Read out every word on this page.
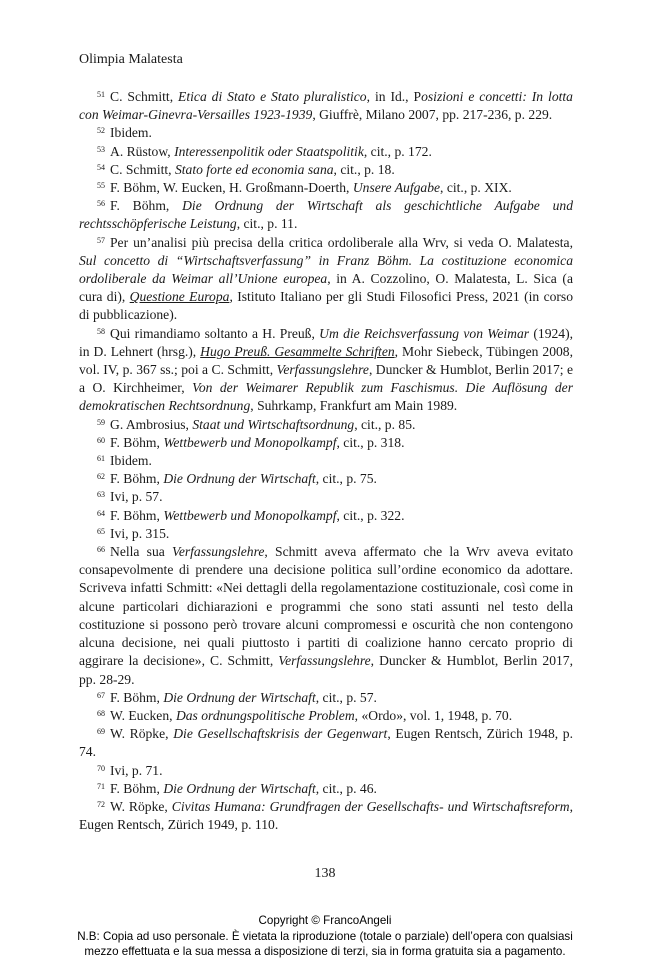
Olimpia Malatesta

$^{51}$ C. Schmitt, Etica di Stato e Stato pluralistico, in Id., Posizioni e concetti: In lotta con Weimar-Ginevra-Versailles 1923-1939, Giuffrè, Milano 2007, pp. 217-236, p. 229.

$^{52}$ Ibidem.

$^{53}$ A. Rüstow, Interessenpolitik oder Staatspolitik, cit., p. 172.

$^{54}$ C. Schmitt, Stato forte ed economia sana, cit., p. 18.

$^{55}$ F. Böhm, W. Eucken, H. Großmann-Doerth, Unsere Aufgabe, cit., p. XIX.

$^{56}$ F. Böhm, Die Ordnung der Wirtschaft als geschichtliche Aufgabe und rechtsschöpferische Leistung, cit., p. 11.

$^{57}$ Per un’analisi più precisa della critica ordoliberale alla Wrv, si veda O. Malatesta, Sul concetto di “Wirtschaftsverfassung” in Franz Böhm. La costituzione economica ordoliberale da Weimar all’Unione europea, in A. Cozzolino, O. Malatesta, L. Sica (a cura di), Questione Europa, Istituto Italiano per gli Studi Filosofici Press, 2021 (in corso di pubblicazione).

$^{58}$ Qui rimandiamo soltanto a H. Preuß, Um die Reichsverfassung von Weimar (1924), in D. Lehnert (hrsg.), Hugo Preuß. Gesammelte Schriften, Mohr Siebeck, Tübingen 2008, vol. IV, p. 367 ss.; poi a C. Schmitt, Verfassungslehre, Duncker & Humblot, Berlin 2017; e a O. Kirchheimer, Von der Weimarer Republik zum Faschismus. Die Auflösung der demokratischen Rechtsordnung, Suhrkamp, Frankfurt am Main 1989.

$^{59}$ G. Ambrosius, Staat und Wirtschaftsordnung, cit., p. 85.

$^{60}$ F. Böhm, Wettbewerb und Monopolkampf, cit., p. 318.

$^{61}$ Ibidem.

$^{62}$ F. Böhm, Die Ordnung der Wirtschaft, cit., p. 75.

$^{63}$ Ivi, p. 57.

$^{64}$ F. Böhm, Wettbewerb und Monopolkampf, cit., p. 322.

$^{65}$ Ivi, p. 315.

$^{66}$ Nella sua Verfassungslehre, Schmitt aveva affermato che la Wrv aveva evitato consapevolmente di prendere una decisione politica sull’ordine economico da adottare. Scriveva infatti Schmitt: «Nei dettagli della regolamentazione costituzionale, così come in alcune particolari dichiarazioni e programmi che sono stati assunti nel testo della costituzione si possono però trovare alcuni compromessi e oscurità che non contengono alcuna decisione, nei quali piuttosto i partiti di coalizione hanno cercato proprio di aggirare la decisione», C. Schmitt, Verfassungslehre, Duncker & Humblot, Berlin 2017, pp. 28-29.

$^{67}$ F. Böhm, Die Ordnung der Wirtschaft, cit., p. 57.

$^{68}$ W. Eucken, Das ordnungspolitische Problem, «Ordo», vol. 1, 1948, p. 70.

$^{69}$ W. Röpke, Die Gesellschaftskrisis der Gegenwart, Eugen Rentsch, Zürich 1948, p. 74.

$^{70}$ Ivi, p. 71.

$^{71}$ F. Böhm, Die Ordnung der Wirtschaft, cit., p. 46.

$^{72}$ W. Röpke, Civitas Humana: Grundfragen der Gesellschafts- und Wirtschaftsreform, Eugen Rentsch, Zürich 1949, p. 110.

138
Copyright © FrancoAngeli
N.B: Copia ad uso personale. È vietata la riproduzione (totale o parziale) dell’opera con qualsiasi
mezzo effettuata e la sua messa a disposizione di terzi, sia in forma gratuita sia a pagamento.
